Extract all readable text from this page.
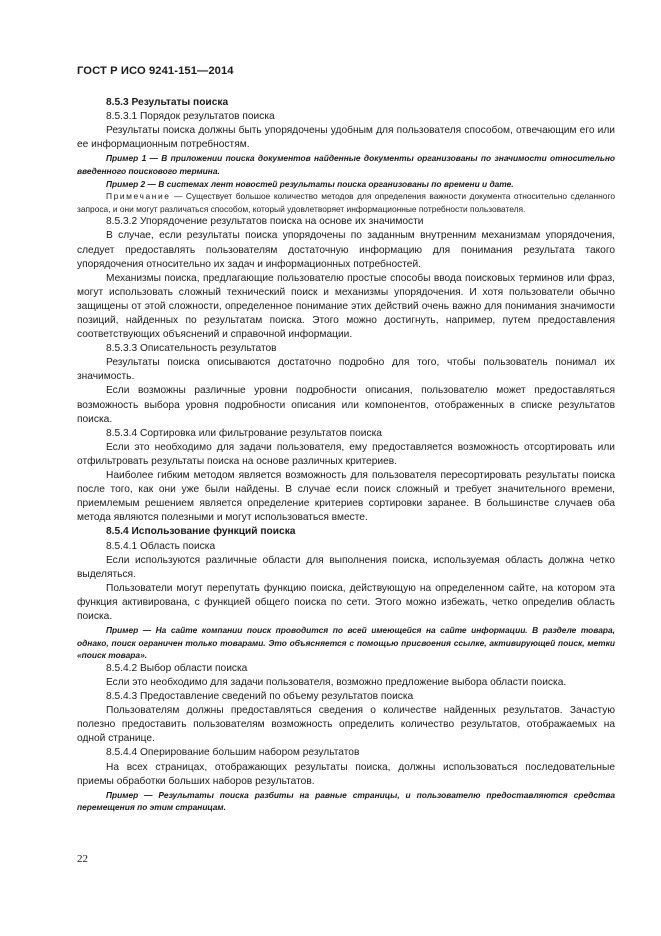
ГОСТ Р ИСО 9241-151—2014

8.5.3 Результаты поиска

8.5.3.1 Порядок результатов поиска

Результаты поиска должны быть упорядочены удобным для пользователя способом, отвечающим его или ее информационным потребностям.

Пример 1 — В приложении поиска документов найденные документы организованы по значимости относительно введенного поискового термина.

Пример 2 — В системах лент новостей результаты поиска организованы по времени и дате.

Примечание — Существует большое количество методов для определения важности документа относительно сделанного запроса, и они могут различаться способом, который удовлетворяет информационные потребности пользователя.

8.5.3.2 Упорядочение результатов поиска на основе их значимости

В случае, если результаты поиска упорядочены по заданным внутренним механизмам упорядочения, следует предоставлять пользователям достаточную информацию для понимания результата такого упорядочения относительно их задач и информационных потребностей.

Механизмы поиска, предлагающие пользователю простые способы ввода поисковых терминов или фраз, могут использовать сложный технический поиск и механизмы упорядочения. И хотя пользователи обычно защищены от этой сложности, определенное понимание этих действий очень важно для понимания значимости позиций, найденных по результатам поиска. Этого можно достигнуть, например, путем предоставления соответствующих объяснений и справочной информации.

8.5.3.3 Описательность результатов

Результаты поиска описываются достаточно подробно для того, чтобы пользователь понимал их значимость.

Если возможны различные уровни подробности описания, пользователю может предоставляться возможность выбора уровня подробности описания или компонентов, отображенных в списке результатов поиска.

8.5.3.4 Сортировка или фильтрование результатов поиска

Если это необходимо для задачи пользователя, ему предоставляется возможность отсортировать или отфильтровать результаты поиска на основе различных критериев.

Наиболее гибким методом является возможность для пользователя пересортировать результаты поиска после того, как они уже были найдены. В случае если поиск сложный и требует значительного времени, приемлемым решением является определение критериев сортировки заранее. В большинстве случаев оба метода являются полезными и могут использоваться вместе.

8.5.4 Использование функций поиска

8.5.4.1 Область поиска

Если используются различные области для выполнения поиска, используемая область должна четко выделяться.

Пользователи могут перепутать функцию поиска, действующую на определенном сайте, на котором эта функция активирована, с функцией общего поиска по сети. Этого можно избежать, четко определив область поиска.

Пример — На сайте компании поиск проводится по всей имеющейся на сайте информации. В разделе товара, однако, поиск ограничен только товарами. Это объясняется с помощью присвоения ссылке, активирующей поиск, метки «поиск товара».

8.5.4.2 Выбор области поиска

Если это необходимо для задачи пользователя, возможно предложение выбора области поиска.

8.5.4.3 Предоставление сведений по объему результатов поиска

Пользователям должны предоставляться сведения о количестве найденных результатов. Зачастую полезно предоставить пользователям возможность определить количество результатов, отображаемых на одной странице.

8.5.4.4 Оперирование большим набором результатов

На всех страницах, отображающих результаты поиска, должны использоваться последовательные приемы обработки больших наборов результатов.

Пример — Результаты поиска разбиты на равные страницы, и пользователю предоставляются средства перемещения по этим страницам.

22
